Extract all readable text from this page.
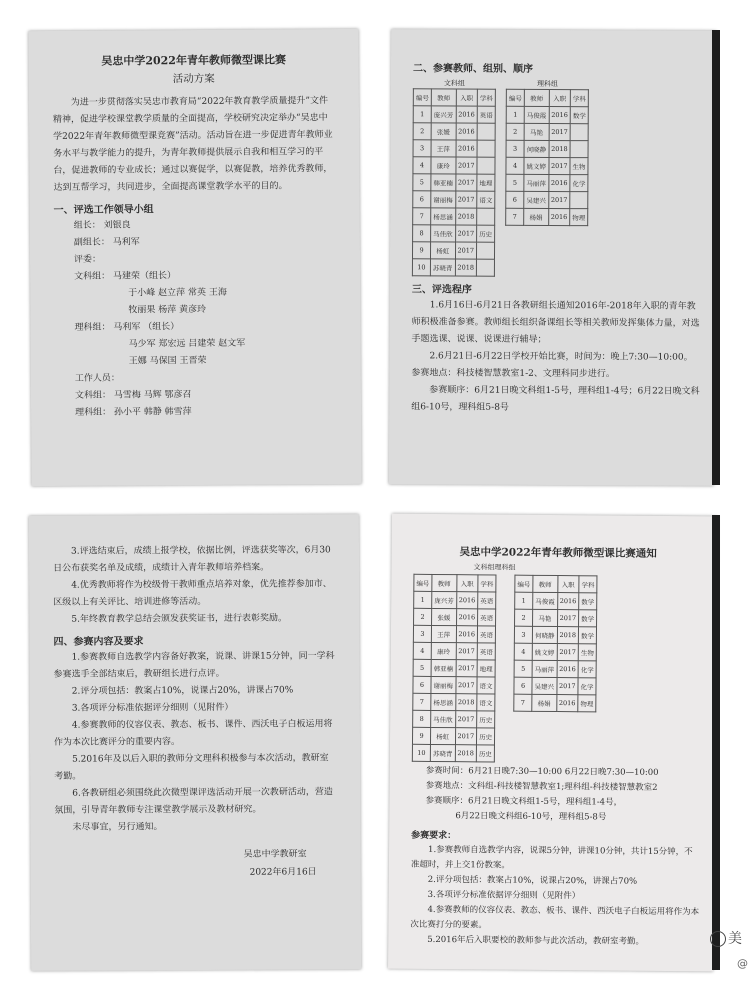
吴忠中学2022年青年教师微型课比赛

活动方案

为进一步贯彻落实吴忠市教育局“2022年教育教学质量提升”文件精神，促进学校课堂教学质量的全面提高，学校研究决定举办“吴忠中学2022年青年教师微型课竞赛”活动。活动旨在进一步促进青年教师业务水平与教学能力的提升，为青年教师提供展示自我和相互学习的平台，促进教师的专业成长；通过以赛促学，以赛促教，培养优秀教师，达到互帮学习，共同进步，全面提高课堂教学水平的目的。

一、评选工作领导小组

组长： 刘银良

副组长： 马利军

评委：

文科组： 马建荣（组长）

于小峰 赵立萍 常英 王海

牧丽果 杨萍 黄彦玲

理科组： 马利军 （组长）

马少军 郑宏远 吕建荣 赵文军

王娜 马保国 王晋荣

工作人员：

文科组： 马雪梅 马辉 鄂彦召

理科组： 孙小平 韩静 韩雪萍

二、参赛教师、组别、顺序

文科组
编号	教师	入职	学科
1	庞兴芳	2016	英语
2	张媛	2016	
3	王萍	2016	
4	康玲	2017	
5	韩亚楠	2017	地理
6	谢丽梅	2017	语文
7	杨思涵	2018	
8	马佳欣	2017	历史
9	杨虹	2017	
10	苏晓青	2018	
理科组
编号	教师	入职	学科
1	马俊霞	2016	数学
2	马艳	2017	
3	何晓静	2018	
4	姚文婷	2017	生物
5	马丽萍	2016	化学
6	吴建兴	2017	
7	杨娟	2016	物理

三、评选程序

1.6月16日-6月21日各教研组长通知2016年-2018年入职的青年教师积极准备参赛。教师组长组织备课组长等相关教师发挥集体力量，对选手题选课、说课、说课进行辅导；

2.6月21日-6月22日学校开始比赛，时间为：晚上7:30—10:00。参赛地点：科技楼智慧教室1-2、文理科同步进行。

参赛顺序：6月21日晚文科组1-5号，理科组1-4号；6月22日晚文科组6-10号，理科组5-8号

3.评选结束后，成绩上报学校，依据比例，评选获奖等次，6月30日公布获奖名单及成绩，成绩计入青年教师培养档案。

4.优秀教师将作为校级骨干教师重点培养对象，优先推荐参加市、区级以上有关评比、培训进修等活动。

5.年终教育教学总结会颁发获奖证书，进行表彰奖励。

四、参赛内容及要求

1.参赛教师自选教学内容备好教案，说课、讲课15分钟，同一学科参赛选手全部结束后，教研组长进行点评。

2.评分项包括：教案占10%，说课占20%，讲课占70%

3.各项评分标准依据评分细则（见附件）

4.参赛教师的仪容仪表、教态、板书、课件、西沃电子白板运用将作为本次比赛评分的重要内容。

5.2016年及以后入职的教师分文理科积极参与本次活动，教研室考勤。

6.各教研组必须围绕此次微型课评选活动开展一次教研活动，营造氛围，引导青年教师专注课堂教学展示及教材研究。

未尽事宜，另行通知。

吴忠中学教研室

2022年6月16日

吴忠中学2022年青年教师微型课比赛通知

文科组理科组
编号	教师	入职	学科
1	庞兴芳	2016	英语
2	张媛	2016	英语
3	王萍	2016	英语
4	康玲	2017	英语
5	韩亚楠	2017	地理
6	谢丽梅	2017	语文
7	杨思涵	2018	语文
8	马佳欣	2017	历史
9	杨虹	2017	历史
10	苏晓青	2018	历史
编号	教师	入职	学科
1	马俊霞	2016	数学
2	马艳	2017	数学
3	何晓静	2018	数学
4	姚文婷	2017	生物
5	马丽萍	2016	化学
6	吴建兴	2017	化学
7	杨娟	2016	物理

参赛时间：6月21日晚7:30—10:00 6月22日晚7:30—10:00

参赛地点：文科组-科技楼智慧教室1;理科组-科技楼智慧教室2

参赛顺序：6月21日晚文科组1-5号，理科组1-4号，

6月22日晚文科组6-10号，理科组5-8号

参赛要求：

1.参赛教师自选教学内容，说课5分钟，讲课10分钟，共计15分钟，不准超时，并上交1份教案。

2.评分项包括：教案占10%，说课占20%，讲课占70%

3.各项评分标准依据评分细则（见附件）

4.参赛教师的仪容仪表、教态、板书、课件、西沃电子白板运用将作为本次比赛打分的要素。

5.2016年后入职要校的教师参与此次活动，教研室考勤。	美
@
